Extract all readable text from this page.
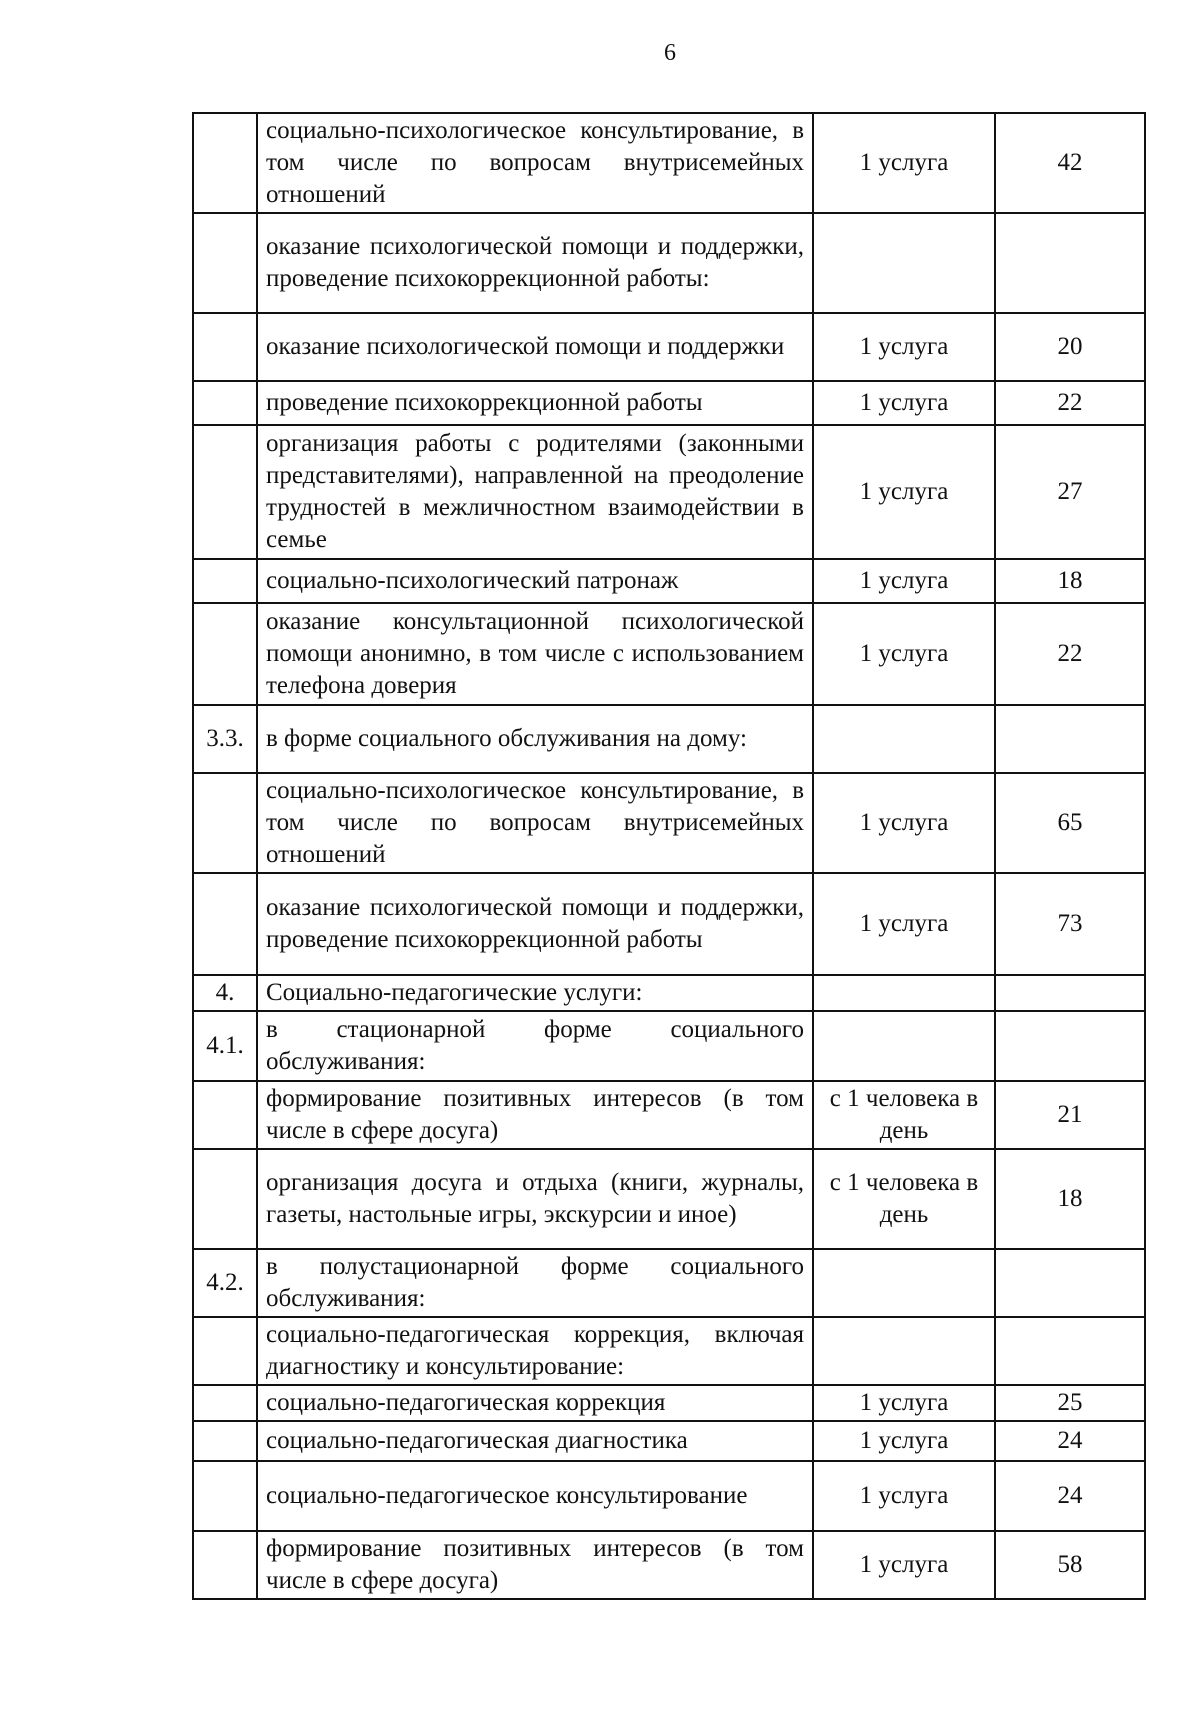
6
	социально-психологическое консультирование, в том числе по вопросам внутрисемейных отношений	1 услуга	42
	оказание психологической помощи и поддержки, проведение психокоррекционной работы:		
	оказание психологической помощи и поддержки	1 услуга	20
	проведение психокоррекционной работы	1 услуга	22
	организация работы с родителями (законными представителями), направленной на преодоление трудностей в межличностном взаимодействии в семье	1 услуга	27
	социально-психологический патронаж	1 услуга	18
	оказание консультационной психологической помощи анонимно, в том числе с использованием телефона доверия	1 услуга	22
3.3.	в форме социального обслуживания на дому:		
	социально-психологическое консультирование, в том числе по вопросам внутрисемейных отношений	1 услуга	65
	оказание психологической помощи и поддержки, проведение психокоррекционной работы	1 услуга	73
4.	Социально-педагогические услуги:		
4.1.	в стационарной форме социального обслуживания:		
	формирование позитивных интересов (в том числе в сфере досуга)	с 1 человека в день	21
	организация досуга и отдыха (книги, журналы, газеты, настольные игры, экскурсии и иное)	с 1 человека в день	18
4.2.	в полустационарной форме социального обслуживания:		
	социально-педагогическая коррекция, включая диагностику и консультирование:		
	социально-педагогическая коррекция	1 услуга	25
	социально-педагогическая диагностика	1 услуга	24
	социально-педагогическое консультирование	1 услуга	24
	формирование позитивных интересов (в том числе в сфере досуга)	1 услуга	58
